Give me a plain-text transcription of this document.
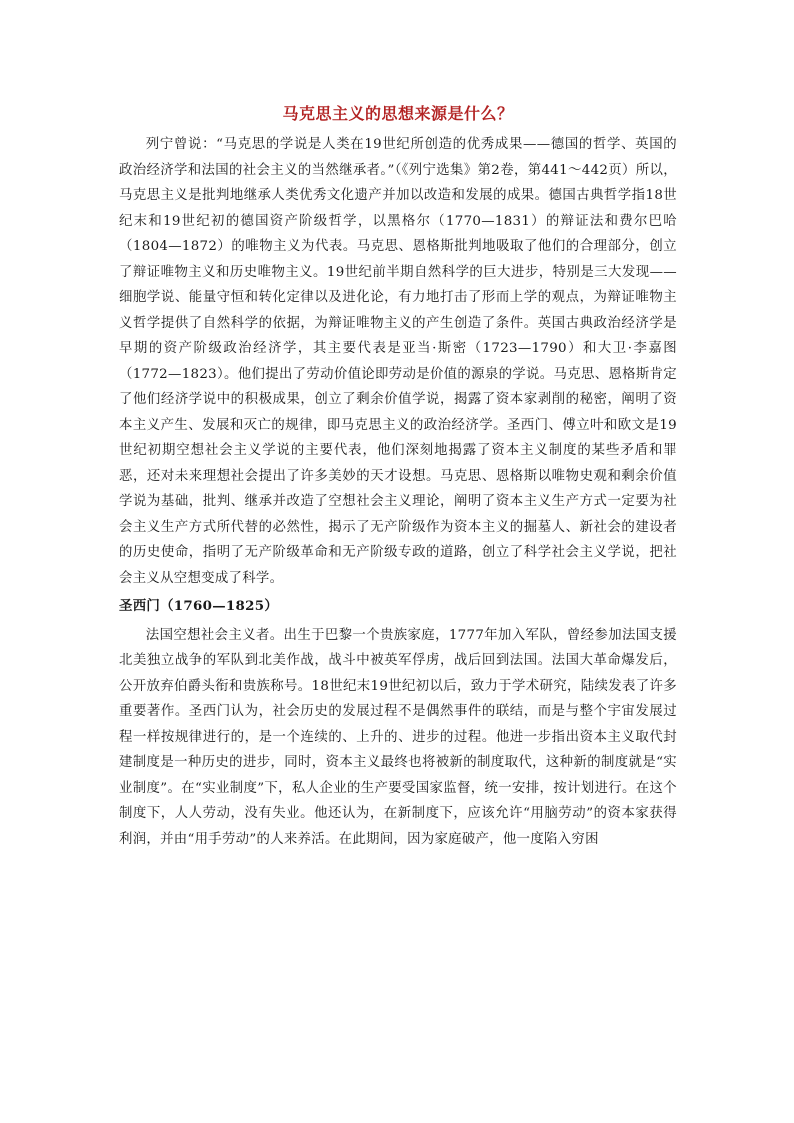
马克思主义的思想来源是什么？

列宁曾说：“马克思的学说是人类在19世纪所创造的优秀成果——德国的哲学、英国的政治经济学和法国的社会主义的当然继承者。”（《列宁选集》第2卷，第441～442页）所以，马克思主义是批判地继承人类优秀文化遗产并加以改造和发展的成果。德国古典哲学指18世纪末和19世纪初的德国资产阶级哲学，以黑格尔（1770—1831）的辩证法和费尔巴哈（1804—1872）的唯物主义为代表。马克思、恩格斯批判地吸取了他们的合理部分，创立了辩证唯物主义和历史唯物主义。19世纪前半期自然科学的巨大进步，特别是三大发现——细胞学说、能量守恒和转化定律以及进化论，有力地打击了形而上学的观点，为辩证唯物主义哲学提供了自然科学的依据，为辩证唯物主义的产生创造了条件。英国古典政治经济学是早期的资产阶级政治经济学，其主要代表是亚当·斯密（1723—1790）和大卫·李嘉图（1772—1823）。他们提出了劳动价值论即劳动是价值的源泉的学说。马克思、恩格斯肯定了他们经济学说中的积极成果，创立了剩余价值学说，揭露了资本家剥削的秘密，阐明了资本主义产生、发展和灭亡的规律，即马克思主义的政治经济学。圣西门、傅立叶和欧文是19世纪初期空想社会主义学说的主要代表，他们深刻地揭露了资本主义制度的某些矛盾和罪恶，还对未来理想社会提出了许多美妙的天才设想。马克思、恩格斯以唯物史观和剩余价值学说为基础，批判、继承并改造了空想社会主义理论，阐明了资本主义生产方式一定要为社会主义生产方式所代替的必然性，揭示了无产阶级作为资本主义的掘墓人、新社会的建设者的历史使命，指明了无产阶级革命和无产阶级专政的道路，创立了科学社会主义学说，把社会主义从空想变成了科学。

圣西门（1760—1825）

法国空想社会主义者。出生于巴黎一个贵族家庭，1777年加入军队，曾经参加法国支援北美独立战争的军队到北美作战，战斗中被英军俘虏，战后回到法国。法国大革命爆发后，公开放弃伯爵头衔和贵族称号。18世纪末19世纪初以后，致力于学术研究，陆续发表了许多重要著作。圣西门认为，社会历史的发展过程不是偶然事件的联结，而是与整个宇宙发展过程一样按规律进行的，是一个连续的、上升的、进步的过程。他进一步指出资本主义取代封建制度是一种历史的进步，同时，资本主义最终也将被新的制度取代，这种新的制度就是“实业制度”。在“实业制度”下，私人企业的生产要受国家监督，统一安排，按计划进行。在这个制度下，人人劳动，没有失业。他还认为，在新制度下，应该允许“用脑劳动”的资本家获得利润，并由“用手劳动”的人来养活。在此期间，因为家庭破产，他一度陷入穷困
